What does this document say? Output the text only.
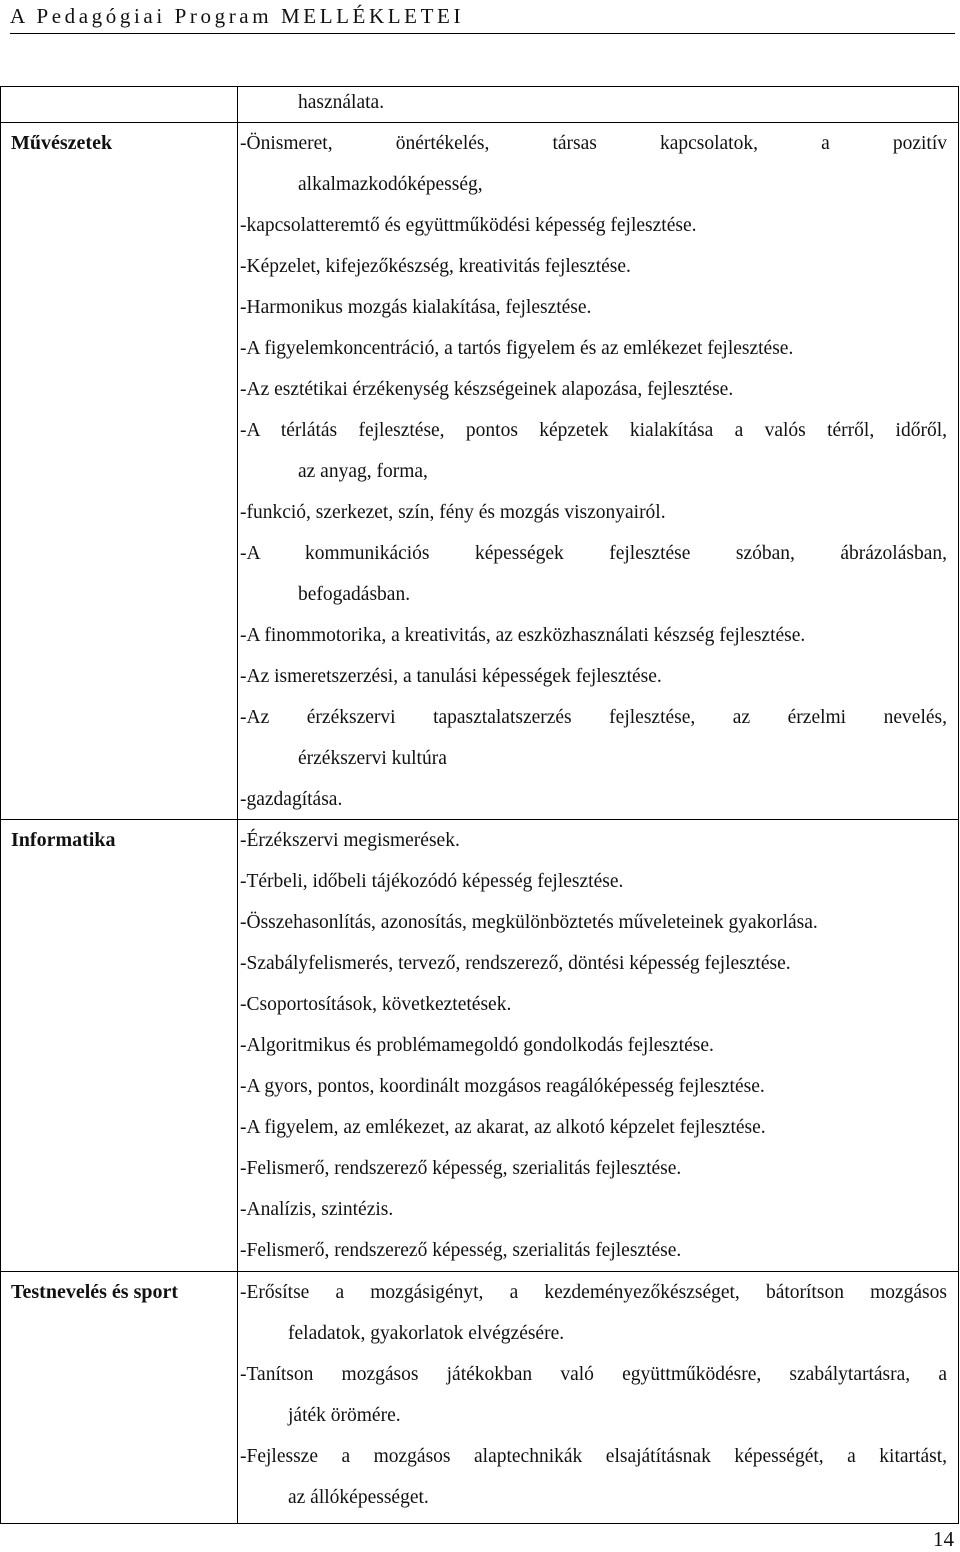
A Pedagógiai Program MELLÉKLETEI
használata.
Művészetek	-Önismeret, önértékelés, társas kapcsolatok, a pozitív
alkalmazkodóképesség,
-kapcsolatteremtő és együttműködési képesség fejlesztése.
-Képzelet, kifejezőkészség, kreativitás fejlesztése.
-Harmonikus mozgás kialakítása, fejlesztése.
-A figyelemkoncentráció, a tartós figyelem és az emlékezet fejlesztése.
-Az esztétikai érzékenység készségeinek alapozása, fejlesztése.
-A térlátás fejlesztése, pontos képzetek kialakítása a valós térről, időről,
az anyag, forma,
-funkció, szerkezet, szín, fény és mozgás viszonyairól.
-A kommunikációs képességek fejlesztése szóban, ábrázolásban,
befogadásban.
-A finommotorika, a kreativitás, az eszközhasználati készség fejlesztése.
-Az ismeretszerzési, a tanulási képességek fejlesztése.
-Az érzékszervi tapasztalatszerzés fejlesztése, az érzelmi nevelés,
érzékszervi kultúra
-gazdagítása.
Informatika	-Érzékszervi megismerések.
-Térbeli, időbeli tájékozódó képesség fejlesztése.
-Összehasonlítás, azonosítás, megkülönböztetés műveleteinek gyakorlása.
-Szabályfelismerés, tervező, rendszerező, döntési képesség fejlesztése.
-Csoportosítások, következtetések.
-Algoritmikus és problémamegoldó gondolkodás fejlesztése.
-A gyors, pontos, koordinált mozgásos reagálóképesség fejlesztése.
-A figyelem, az emlékezet, az akarat, az alkotó képzelet fejlesztése.
-Felismerő, rendszerező képesség, szerialitás fejlesztése.
-Analízis, szintézis.
-Felismerő, rendszerező képesség, szerialitás fejlesztése.
Testnevelés és sport	-Erősítse a mozgásigényt, a kezdeményezőkészséget, bátorítson mozgásos
feladatok, gyakorlatok elvégzésére.
-Tanítson mozgásos játékokban való együttműködésre, szabálytartásra, a
játék örömére.
-Fejlessze a mozgásos alaptechnikák elsajátításnak képességét, a kitartást,
az állóképességet.
14
